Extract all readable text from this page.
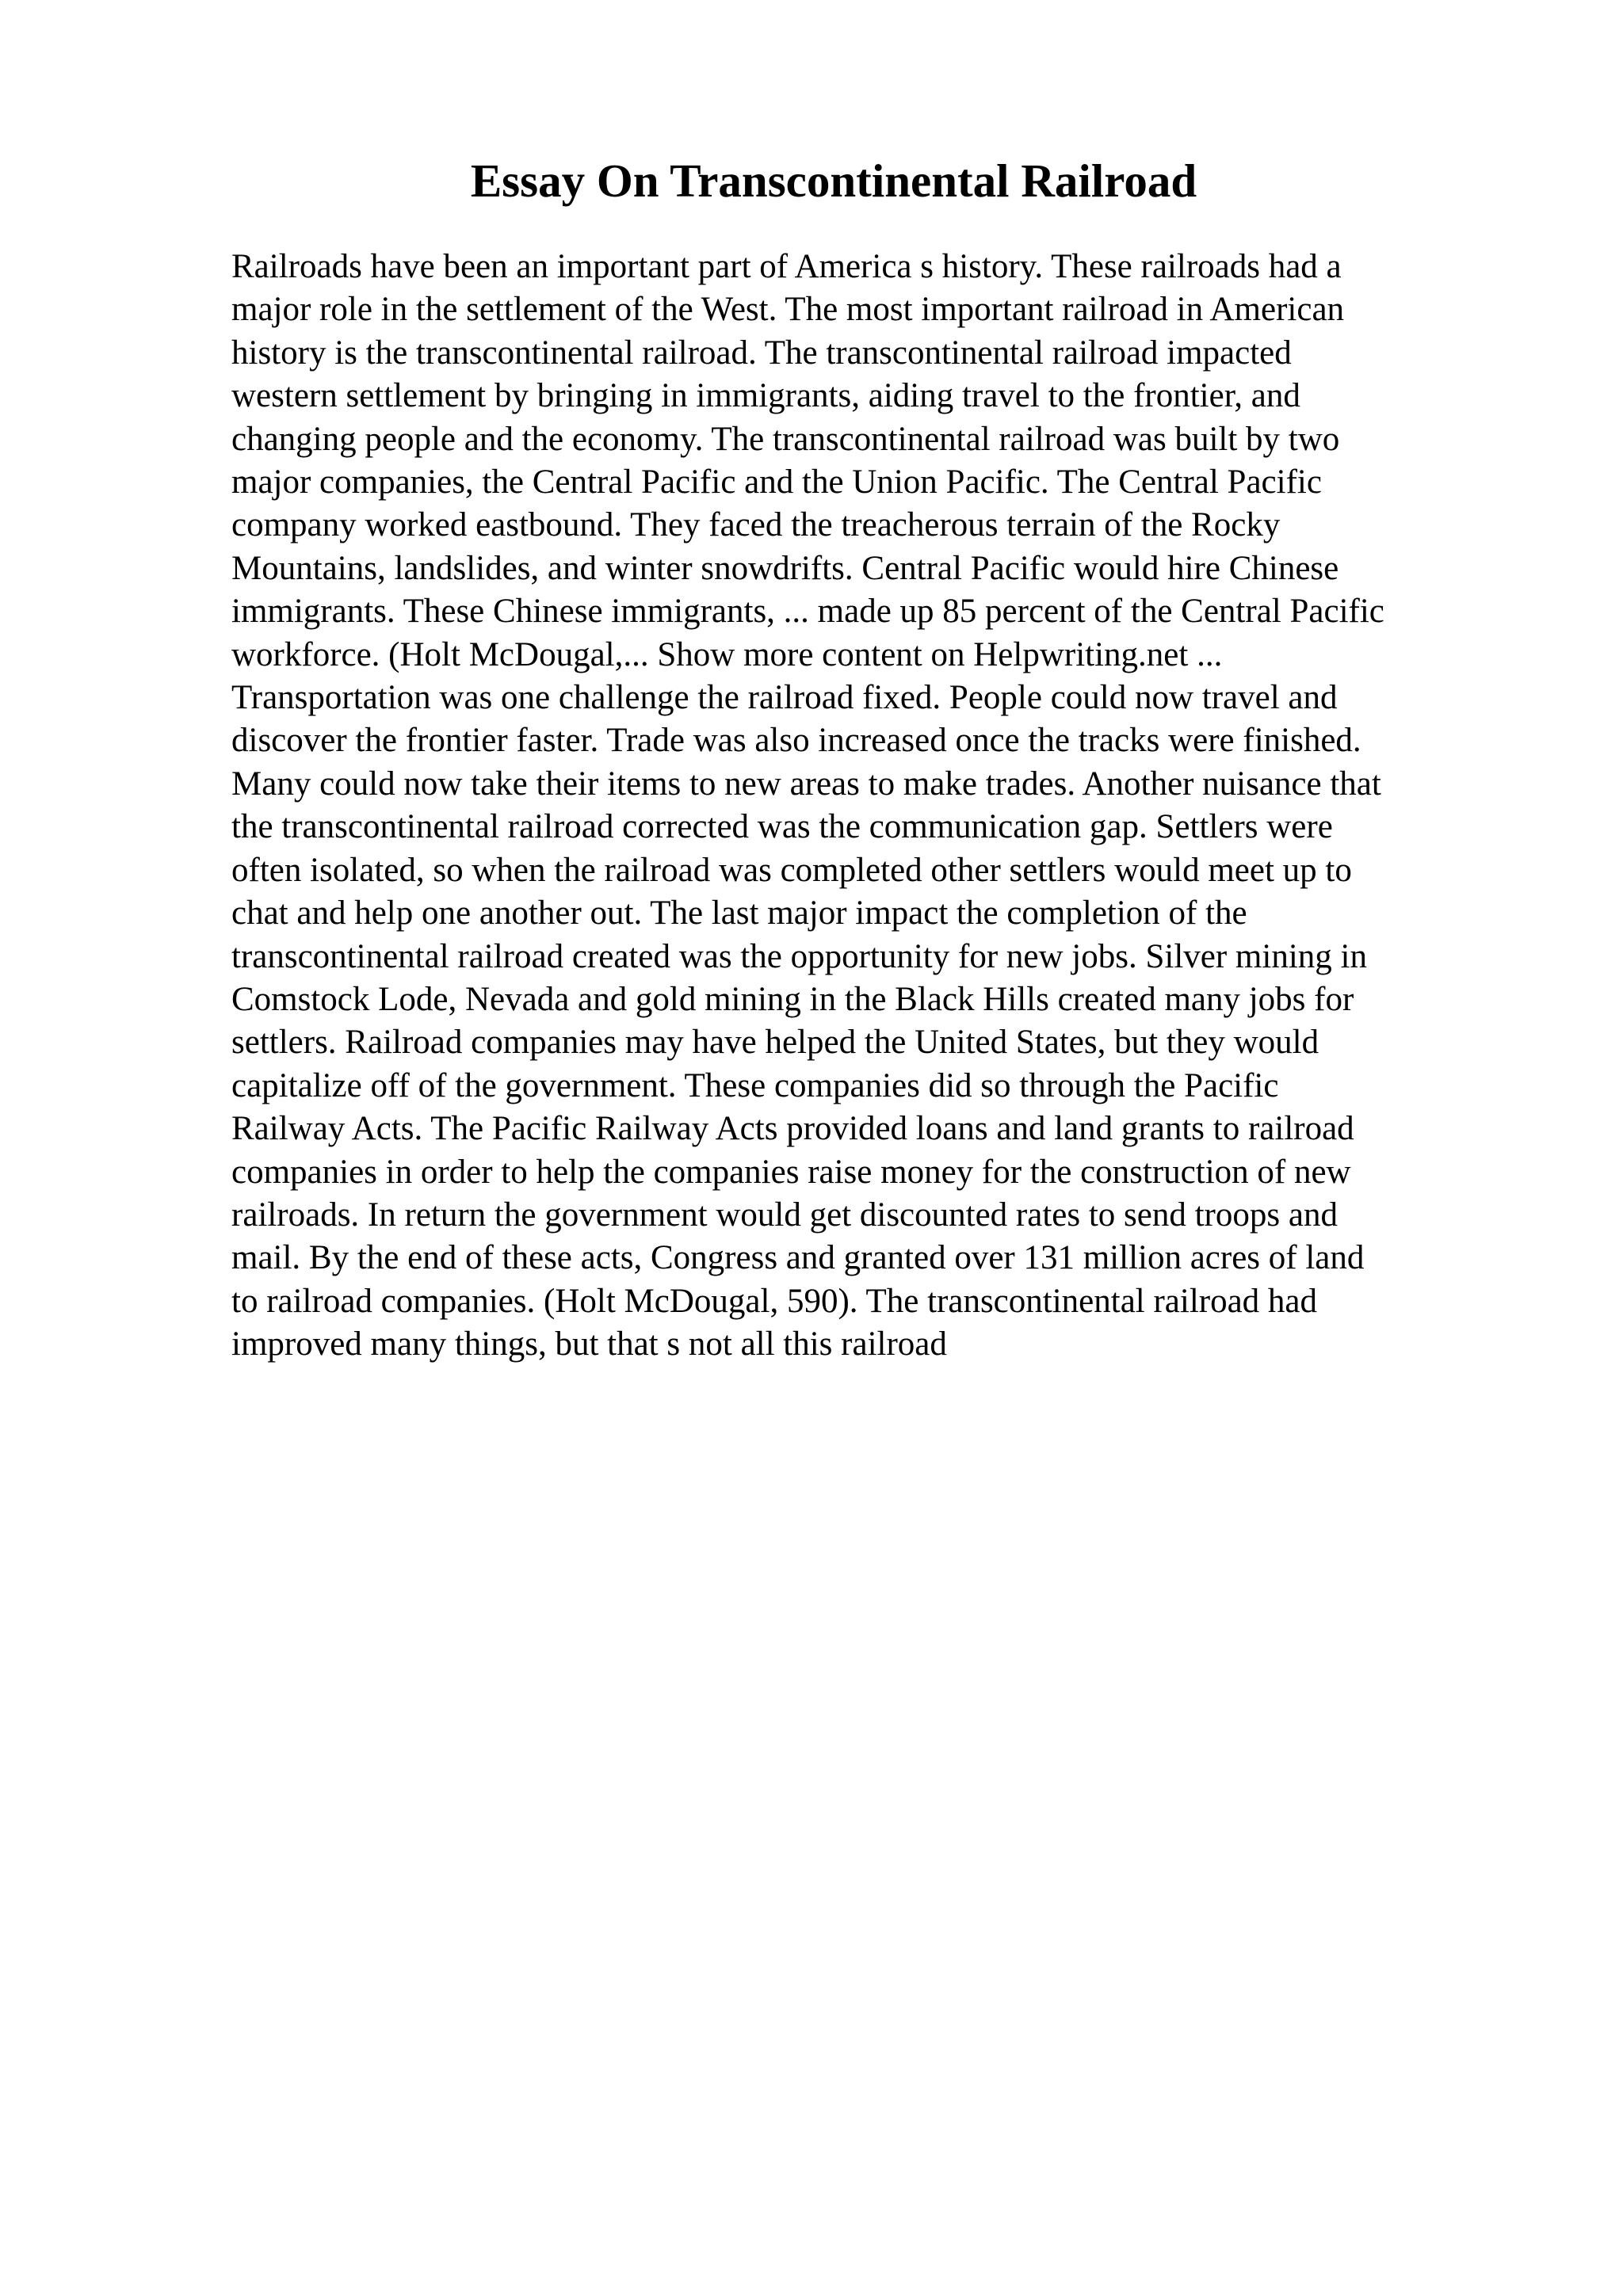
Essay On Transcontinental Railroad
Railroads have been an important part of America s history. These railroads had a
major role in the settlement of the West. The most important railroad in American
history is the transcontinental railroad. The transcontinental railroad impacted
western settlement by bringing in immigrants, aiding travel to the frontier, and
changing people and the economy. The transcontinental railroad was built by two
major companies, the Central Pacific and the Union Pacific. The Central Pacific
company worked eastbound. They faced the treacherous terrain of the Rocky
Mountains, landslides, and winter snowdrifts. Central Pacific would hire Chinese
immigrants. These Chinese immigrants, ... made up 85 percent of the Central Pacific
workforce. (Holt McDougal,... Show more content on Helpwriting.net ...
Transportation was one challenge the railroad fixed. People could now travel and
discover the frontier faster. Trade was also increased once the tracks were finished.
Many could now take their items to new areas to make trades. Another nuisance that
the transcontinental railroad corrected was the communication gap. Settlers were
often isolated, so when the railroad was completed other settlers would meet up to
chat and help one another out. The last major impact the completion of the
transcontinental railroad created was the opportunity for new jobs. Silver mining in
Comstock Lode, Nevada and gold mining in the Black Hills created many jobs for
settlers. Railroad companies may have helped the United States, but they would
capitalize off of the government. These companies did so through the Pacific
Railway Acts. The Pacific Railway Acts provided loans and land grants to railroad
companies in order to help the companies raise money for the construction of new
railroads. In return the government would get discounted rates to send troops and
mail. By the end of these acts, Congress and granted over 131 million acres of land
to railroad companies. (Holt McDougal, 590). The transcontinental railroad had
improved many things, but that s not all this railroad
